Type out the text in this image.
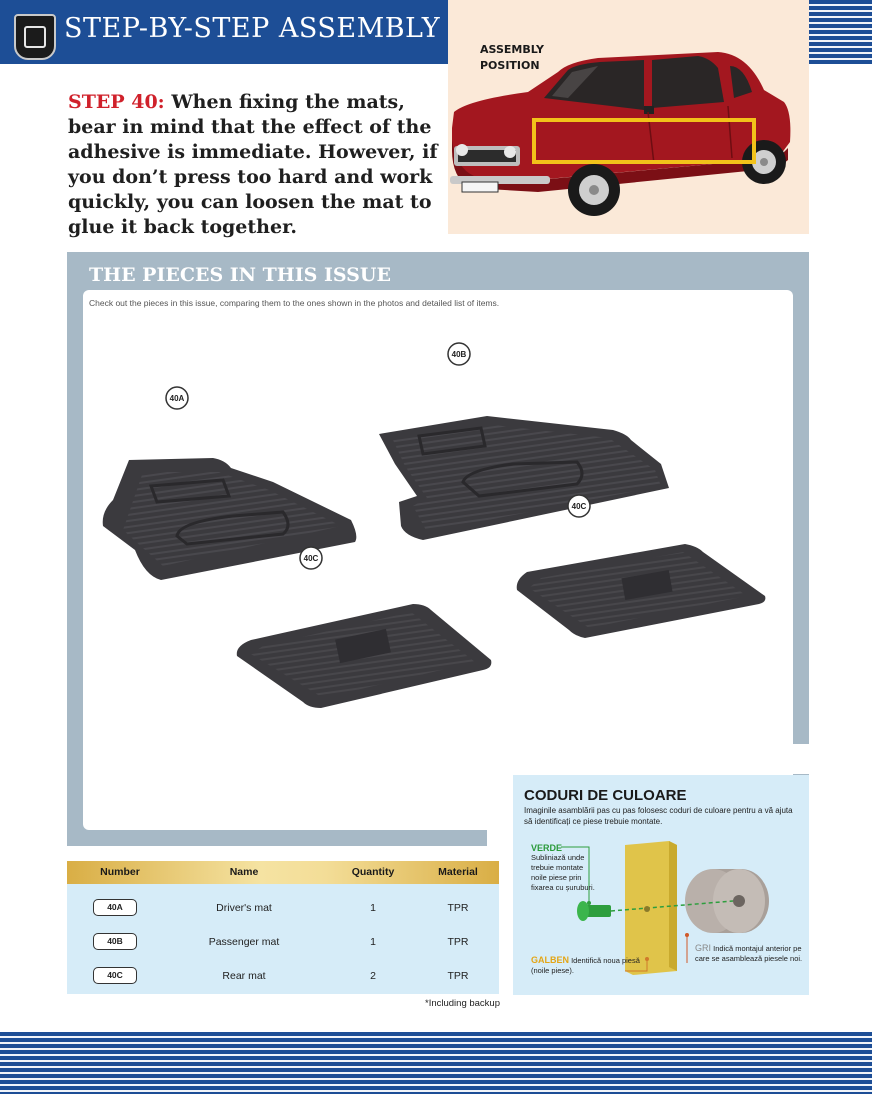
STEP-BY-STEP ASSEMBLY
ASSEMBLY POSITION

STEP 40: When fixing the mats, bear in mind that the effect of the adhesive is immediate. However, if you don’t press too hard and work quickly, you can loosen the mat to glue it back together.

THE PIECES IN THIS ISSUE
Check out the pieces in this issue, comparing them to the ones shown in the photos and detailed list of items.
40A
40B
40C
40C
CODURI DE CULOARE
Imaginile asamblării pas cu pas folosesc coduri de culoare pentru a vă ajuta să identificați ce piese trebuie montate.
VERDE
Subliniază unde trebuie montate noile piese prin fixarea cu șuruburi.
GALBEN Identifică noua piesă (noile piese).
GRI Indică montajul anterior pe care se asamblează piesele noi.
Number	Name	Quantity	Material
40A	Driver's mat	1	TPR
40B	Passenger mat	1	TPR
40C	Rear mat	2	TPR
*Including backup
